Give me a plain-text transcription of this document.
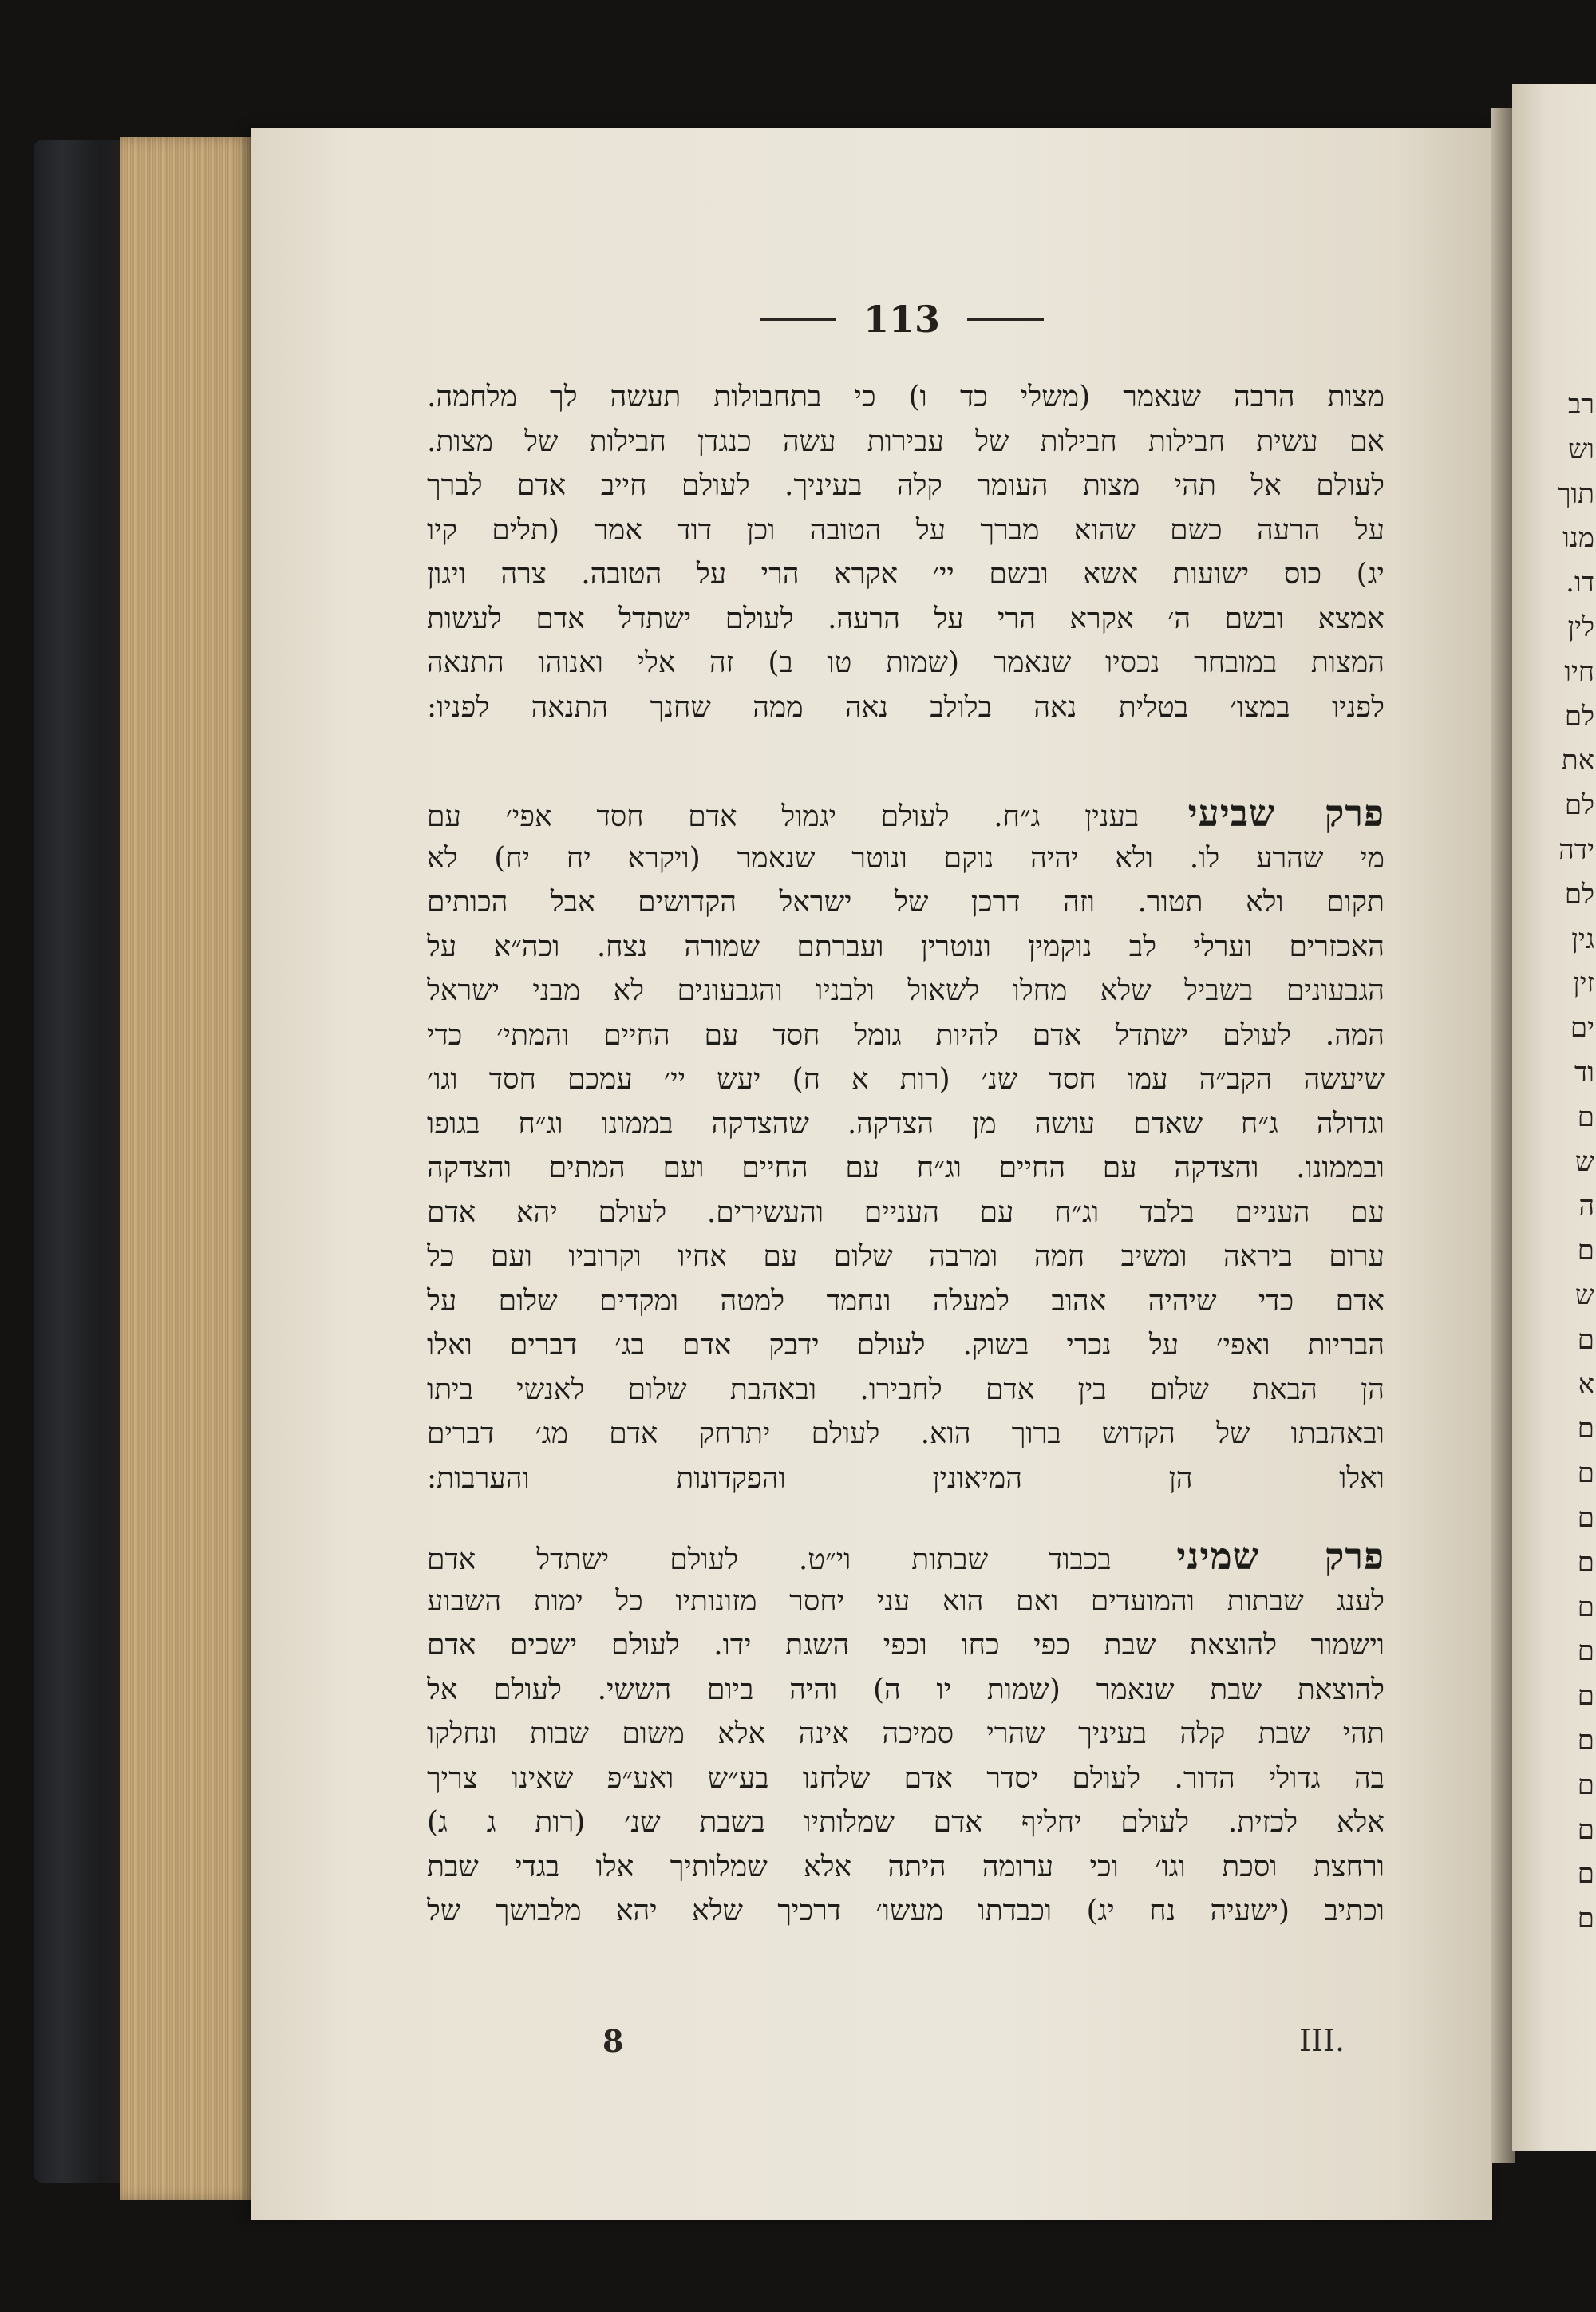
113
מצות הרבה שנאמר (משלי כד ו) כי בתחבולות תעשה לך מלחמה.
אם עשית חבילות חבילות של עבירות עשה כנגדן חבילות של מצות.
לעולם אל תהי מצות העומר קלה בעיניך. לעולם חייב אדם לברך
על הרעה כשם שהוא מברך על הטובה וכן דוד אמר (תלים קיו
יג) כוס ישועות אשא ובשם יי׳ אקרא הרי על הטובה. צרה ויגון
אמצא ובשם ה׳ אקרא הרי על הרעה. לעולם ישתדל אדם לעשות
המצות במובחר נכסיו שנאמר (שמות טו ב) זה אלי ואנוהו התנאה
לפניו במצו׳ בטלית נאה בלולב נאה ממה שחנך התנאה לפניו:
פרק שביעי בענין ג״ח. לעולם יגמול אדם חסד אפי׳ עם
מי שהרע לו. ולא יהיה נוקם ונוטר שנאמר (ויקרא יח יח) לא
תקום ולא תטור. וזה דרכן של ישראל הקדושים אבל הכותים
האכזרים וערלי לב נוקמין ונוטרין ועברתם שמורה נצח. וכה״א על
הגבעונים בשביל שלא מחלו לשאול ולבניו והגבעונים לא מבני ישראל
המה. לעולם ישתדל אדם להיות גומל חסד עם החיים והמתי׳ כדי
שיעשה הקב״ה עמו חסד שנ׳ (רות א ח) יעש יי׳ עמכם חסד וגו׳
וגדולה ג״ח שאדם עושה מן הצדקה. שהצדקה בממונו וג״ח בגופו
ובממונו. והצדקה עם החיים וג״ח עם החיים ועם המתים והצדקה
עם העניים בלבד וג״ח עם העניים והעשירים. לעולם יהא אדם
ערום ביראה ומשיב חמה ומרבה שלום עם אחיו וקרוביו ועם כל
אדם כדי שיהיה אהוב למעלה ונחמד למטה ומקדים שלום על
הבריות ואפי׳ על נכרי בשוק. לעולם ידבק אדם בג׳ דברים ואלו
הן הבאת שלום בין אדם לחבירו. ובאהבת שלום לאנשי ביתו
ובאהבתו של הקדוש ברוך הוא. לעולם יתרחק אדם מג׳ דברים
ואלו הן המיאונין והפקדונות והערבות:
פרק שמיני בכבוד שבתות וי״ט. לעולם ישתדל אדם
לענג שבתות והמועדים ואם הוא עני יחסר מזונותיו כל ימות השבוע
וישמור להוצאת שבת כפי כחו וכפי השגת ידו. לעולם ישכים אדם
להוצאת שבת שנאמר (שמות יו ה) והיה ביום הששי. לעולם אל
תהי שבת קלה בעיניך שהרי סמיכה אינה אלא משום שבות ונחלקו
בה גדולי הדור. לעולם יסדר אדם שלחנו בע״ש ואע״פ שאינו צריך
אלא לכזית. לעולם יחליף אדם שמלותיו בשבת שנ׳ (רות ג ג)
ורחצת וסכת וגו׳ וכי ערומה היתה אלא שמלותיך אלו בגדי שבת
וכתיב (ישעיה נח יג) וכבדתו מעשו׳ דרכיך שלא יהא מלבושך של
8	III.
רב
וש
תוך
מנו
דו.
לין
חיו
לם
את
לם
ידה
לם
גין
זין
ים
וד
ם
ש
ה
ם
ש
ם
א
ם
ם
ם
ם
ם
ם
ם
ם
ם
ם
ם
ם
